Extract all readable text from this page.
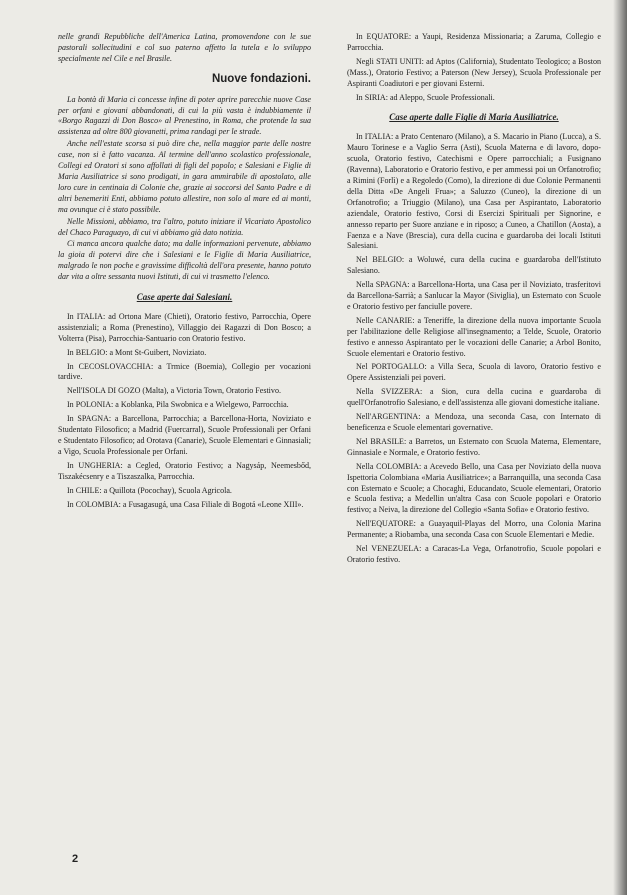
nelle grandi Repubbliche dell'America Latina, promovendone con le sue pastorali sollecitudini e col suo paterno affetto la tutela e lo sviluppo specialmente nel Cile e nel Brasile.

Nuove fondazioni.

La bontà di Maria ci concesse infine di poter aprire parecchie nuove Case per orfani e giovani abbandonati, di cui la più vasta è indubbiamente il «Borgo Ragazzi di Don Bosco» al Prenestino, in Roma, che protende la sua assistenza ad oltre 800 giovanetti, prima randagi per le strade.

Anche nell'estate scorsa si può dire che, nella maggior parte delle nostre case, non si è fatto vacanza. Al termine dell'anno scolastico professionale, Collegi ed Oratori si sono affollati di figli del popolo; e Salesiani e Figlie di Maria Ausiliatrice si sono prodigati, in gara ammirabile di apostolato, alle loro cure in centinaia di Colonie che, grazie ai soccorsi del Santo Padre e di altri benemeriti Enti, abbiamo potuto allestire, non solo al mare ed ai monti, ma ovunque ci è stato possibile.

Nelle Missioni, abbiamo, tra l'altro, potuto iniziare il Vicariato Apostolico del Chaco Paraguayo, di cui vi abbiamo già dato notizia.

Ci manca ancora qualche dato; ma dalle informazioni pervenute, abbiamo la gioia di potervi dire che i Salesiani e le Figlie di Maria Ausiliatrice, malgrado le non poche e gravissime difficoltà dell'ora presente, hanno potuto dar vita a oltre sessanta nuovi Istituti, di cui vi trasmetto l'elenco.

Case aperte dai Salesiani.

In ITALIA: ad Ortona Mare (Chieti), Oratorio festivo, Parrocchia, Opere assistenziali; a Roma (Prenestino), Villaggio dei Ragazzi di Don Bosco; a Volterra (Pisa), Parrocchia-Santuario con Oratorio festivo.

In BELGIO: a Mont St-Guibert, Noviziato.

In CECOSLOVACCHIA: a Trmice (Boemia), Collegio per vocazioni tardive.

Nell'ISOLA DI GOZO (Malta), a Victoria Town, Oratorio Festivo.

In POLONIA: a Koblanka, Pila Swobnica e a Wielgewo, Parrocchia.

In SPAGNA: a Barcellona, Parrocchia; a Barcellona-Horta, Noviziato e Studentato Filosofico; a Madrid (Fuercarral), Scuole Professionali per Orfani e Studentato Filosofico; ad Orotava (Canarie), Scuole Elementari e Ginnasiali; a Vigo, Scuola Professionale per Orfani.

In UNGHERIA: a Cegled, Oratorio Festivo; a Nagysáp, Neemesbőd, Tiszakécsenry e a Tiszaszalka, Parrocchia.

In CHILE: a Quillota (Pocochay), Scuola Agricola.

In COLOMBIA: a Fusagasugá, una Casa Filiale di Bogotá «Leone XIII».

In EQUATORE: a Yaupi, Residenza Missionaria; a Zaruma, Collegio e Parrocchia.

Negli STATI UNITI: ad Aptos (California), Studentato Teologico; a Boston (Mass.), Oratorio Festivo; a Paterson (New Jersey), Scuola Professionale per Aspiranti Coadiutori e per giovani Esterni.

In SIRIA: ad Aleppo, Scuole Professionali.

Case aperte dalle Figlie di Maria Ausiliatrice.

In ITALIA: a Prato Centenaro (Milano), a S. Macario in Piano (Lucca), a S. Mauro Torinese e a Vaglio Serra (Asti), Scuola Materna e di lavoro, dopo-scuola, Oratorio festivo, Catechismi e Opere parrocchiali; a Fusignano (Ravenna), Laboratorio e Oratorio festivo, e per ammessi poi un Orfanotrofio; a Rimini (Forlì) e a Regoledo (Como), la direzione di due Colonie Permanenti della Ditta «De Angeli Frua»; a Saluzzo (Cuneo), la direzione di un Orfanotrofio; a Triuggio (Milano), una Casa per Aspirantato, Laboratorio aziendale, Oratorio festivo, Corsi di Esercizi Spirituali per Signorine, e annesso reparto per Suore anziane e in riposo; a Cuneo, a Chatillon (Aosta), a Faenza e a Nave (Brescia), cura della cucina e guardaroba dei locali Istituti Salesiani.

Nel BELGIO: a Woluwé, cura della cucina e guardaroba dell'Istituto Salesiano.

Nella SPAGNA: a Barcellona-Horta, una Casa per il Noviziato, trasferitovi da Barcellona-Sarrià; a Sanlucar la Mayor (Siviglia), un Esternato con Scuole e Oratorio festivo per fanciulle povere.

Nelle CANARIE: a Teneriffe, la direzione della nuova importante Scuola per l'abilitazione delle Religiose all'insegnamento; a Telde, Scuole, Oratorio festivo e annesso Aspirantato per le vocazioni delle Canarie; a Arbol Bonito, Scuole elementari e Oratorio festivo.

Nel PORTOGALLO: a Villa Seca, Scuola di lavoro, Oratorio festivo e Opere Assistenziali pei poveri.

Nella SVIZZERA: a Sion, cura della cucina e guardaroba di quell'Orfanotrofio Salesiano, e dell'assistenza alle giovani domestiche italiane.

Nell'ARGENTINA: a Mendoza, una seconda Casa, con Internato di beneficenza e Scuole elementari governative.

Nel BRASILE: a Barretos, un Esternato con Scuola Materna, Elementare, Ginnasiale e Normale, e Oratorio festivo.

Nella COLOMBIA: a Acevedo Bello, una Casa per Noviziato della nuova Ispettoria Colombiana «Maria Ausiliatrice»; a Barranquilla, una seconda Casa con Esternato e Scuole; a Chocaghi, Educandato, Scuole elementari, Oratorio e Scuola festiva; a Medellin un'altra Casa con Scuole popolari e Oratorio festivo; a Neiva, la direzione del Collegio «Santa Sofia» e Oratorio festivo.

Nell'EQUATORE: a Guayaquil-Playas del Morro, una Colonia Marina Permanente; a Riobamba, una seconda Casa con Scuole Elementari e Medie.

Nel VENEZUELA: a Caracas-La Vega, Orfanotrofio, Scuole popolari e Oratorio festivo.

2
